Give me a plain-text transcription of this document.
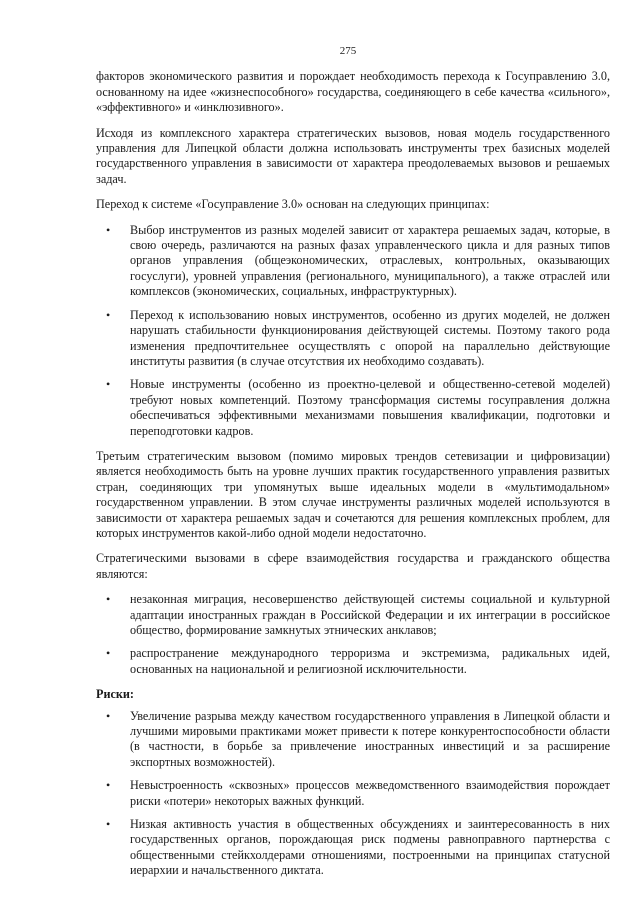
275

факторов экономического развития и порождает необходимость перехода к Госуправлению 3.0, основанному на идее «жизнеспособного» государства, соединяющего в себе качества «сильного», «эффективного» и «инклюзивного».

Исходя из комплексного характера стратегических вызовов, новая модель государственного управления для Липецкой области должна использовать инструменты трех базисных моделей государственного управления в зависимости от характера преодолеваемых вызовов и решаемых задач.

Переход к системе «Госуправление 3.0» основан на следующих принципах:

• Выбор инструментов из разных моделей зависит от характера решаемых задач, которые, в свою очередь, различаются на разных фазах управленческого цикла и для разных типов органов управления (общеэкономических, отраслевых, контрольных, оказывающих госуслуги), уровней управления (регионального, муниципального), а также отраслей или комплексов (экономических, социальных, инфраструктурных).
• Переход к использованию новых инструментов, особенно из других моделей, не должен нарушать стабильности функционирования действующей системы. Поэтому такого рода изменения предпочтительнее осуществлять с опорой на параллельно действующие институты развития (в случае отсутствия их необходимо создавать).
• Новые инструменты (особенно из проектно-целевой и общественно-сетевой моделей) требуют новых компетенций. Поэтому трансформация системы госуправления должна обеспечиваться эффективными механизмами повышения квалификации, подготовки и переподготовки кадров.

Третьим стратегическим вызовом (помимо мировых трендов сетевизации и цифровизации) является необходимость быть на уровне лучших практик государственного управления развитых стран, соединяющих три упомянутых выше идеальных модели в «мультимодальном» государственном управлении. В этом случае инструменты различных моделей используются в зависимости от характера решаемых задач и сочетаются для решения комплексных проблем, для которых инструментов какой-либо одной модели недостаточно.

Стратегическими вызовами в сфере взаимодействия государства и гражданского общества являются:

• незаконная миграция, несовершенство действующей системы социальной и культурной адаптации иностранных граждан в Российской Федерации и их интеграции в российское общество, формирование замкнутых этнических анклавов;
• распространение международного терроризма и экстремизма, радикальных идей, основанных на национальной и религиозной исключительности.
Риски:
• Увеличение разрыва между качеством государственного управления в Липецкой области и лучшими мировыми практиками может привести к потере конкурентоспособности области (в частности, в борьбе за привлечение иностранных инвестиций и за расширение экспортных возможностей).
• Невыстроенность «сквозных» процессов межведомственного взаимодействия порождает риски «потери» некоторых важных функций.
• Низкая активность участия в общественных обсуждениях и заинтересованность в них государственных органов, порождающая риск подмены равноправного партнерства с общественными стейкхолдерами отношениями, построенными на принципах статусной иерархии и начальственного диктата.
